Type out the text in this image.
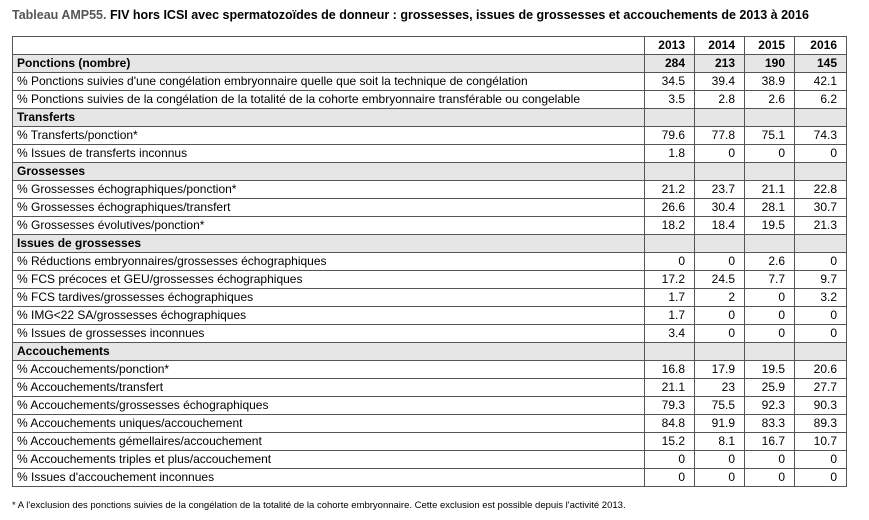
Tableau AMP55. FIV hors ICSI avec spermatozoïdes de donneur : grossesses, issues de grossesses et accouchements de 2013 à 2016
	2013	2014	2015	2016
Ponctions (nombre)	284	213	190	145
% Ponctions suivies d'une congélation embryonnaire quelle que soit la technique de congélation	34.5	39.4	38.9	42.1
% Ponctions suivies de la congélation de la totalité de la cohorte embryonnaire transférable ou congelable	3.5	2.8	2.6	6.2
Transferts				
% Transferts/ponction*	79.6	77.8	75.1	74.3
% Issues de transferts inconnus	1.8	0	0	0
Grossesses				
% Grossesses échographiques/ponction*	21.2	23.7	21.1	22.8
% Grossesses échographiques/transfert	26.6	30.4	28.1	30.7
% Grossesses évolutives/ponction*	18.2	18.4	19.5	21.3
Issues de grossesses				
% Réductions embryonnaires/grossesses échographiques	0	0	2.6	0
% FCS précoces et GEU/grossesses échographiques	17.2	24.5	7.7	9.7
% FCS tardives/grossesses échographiques	1.7	2	0	3.2
% IMG<22 SA/grossesses échographiques	1.7	0	0	0
% Issues de grossesses inconnues	3.4	0	0	0
Accouchements				
% Accouchements/ponction*	16.8	17.9	19.5	20.6
% Accouchements/transfert	21.1	23	25.9	27.7
% Accouchements/grossesses échographiques	79.3	75.5	92.3	90.3
% Accouchements uniques/accouchement	84.8	91.9	83.3	89.3
% Accouchements gémellaires/accouchement	15.2	8.1	16.7	10.7
% Accouchements triples et plus/accouchement	0	0	0	0
% Issues d'accouchement inconnues	0	0	0	0
* A l'exclusion des ponctions suivies de la congélation de la totalité de la cohorte embryonnaire. Cette exclusion est possible depuis l'activité 2013.
